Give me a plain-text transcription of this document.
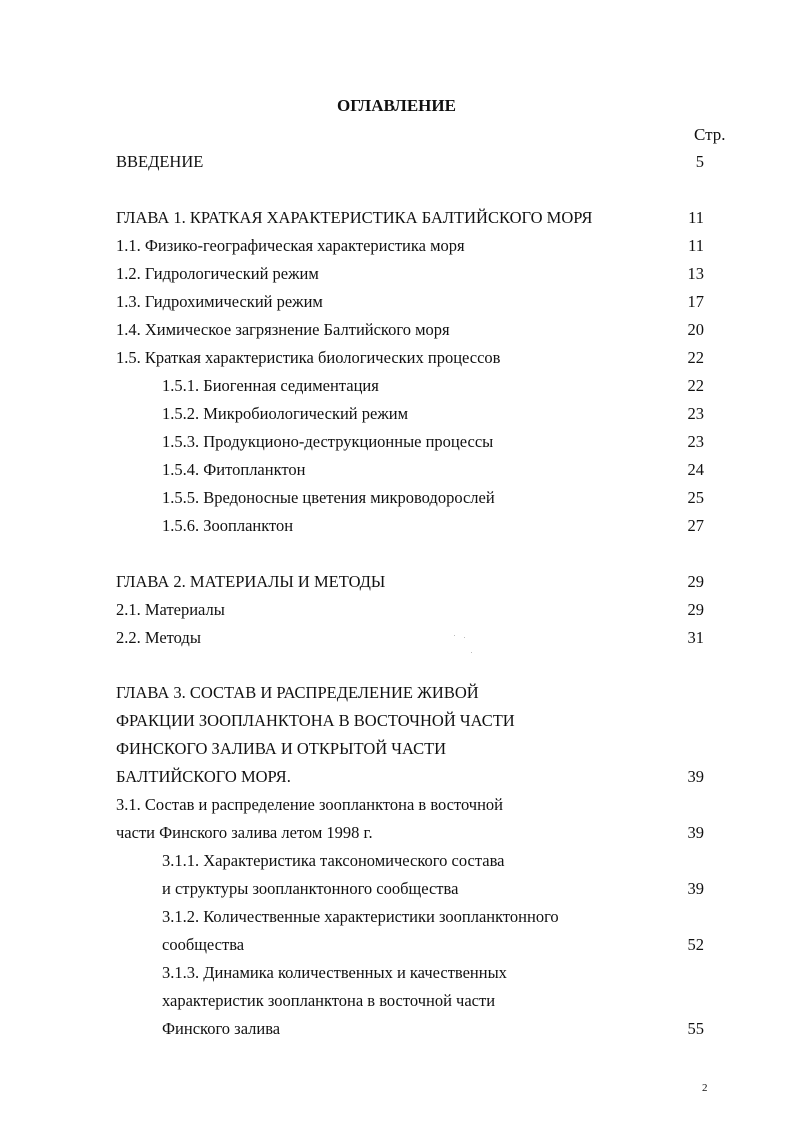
ОГЛАВЛЕНИЕ
Стр.
ВВЕДЕНИЕ	5
ГЛАВА 1. КРАТКАЯ ХАРАКТЕРИСТИКА БАЛТИЙСКОГО МОРЯ	11
1.1. Физико-географическая характеристика моря	11
1.2. Гидрологический режим	13
1.3. Гидрохимический режим	17
1.4. Химическое загрязнение Балтийского моря	20
1.5. Краткая характеристика биологических процессов	22
1.5.1. Биогенная седиментация	22
1.5.2. Микробиологический режим	23
1.5.3. Продукционо-деструкционные процессы	23
1.5.4. Фитопланктон	24
1.5.5. Вредоносные цветения микроводорослей	25
1.5.6. Зоопланктон	27
ГЛАВА 2. МАТЕРИАЛЫ И МЕТОДЫ	29
2.1. Материалы	29
2.2. Методы	31
ГЛАВА 3. СОСТАВ И РАСПРЕДЕЛЕНИЕ ЖИВОЙ
ФРАКЦИИ ЗООПЛАНКТОНА В ВОСТОЧНОЙ ЧАСТИ
ФИНСКОГО ЗАЛИВА И ОТКРЫТОЙ ЧАСТИ
БАЛТИЙСКОГО МОРЯ.	39
3.1. Состав и распределение зоопланктона в восточной
части Финского залива летом 1998 г.	39
3.1.1. Характеристика таксономического состава
и структуры зоопланктонного сообщества	39
3.1.2. Количественные характеристики зоопланктонного
сообщества	52
3.1.3. Динамика количественных и качественных
характеристик зоопланктона в восточной части
Финского залива	55
2
